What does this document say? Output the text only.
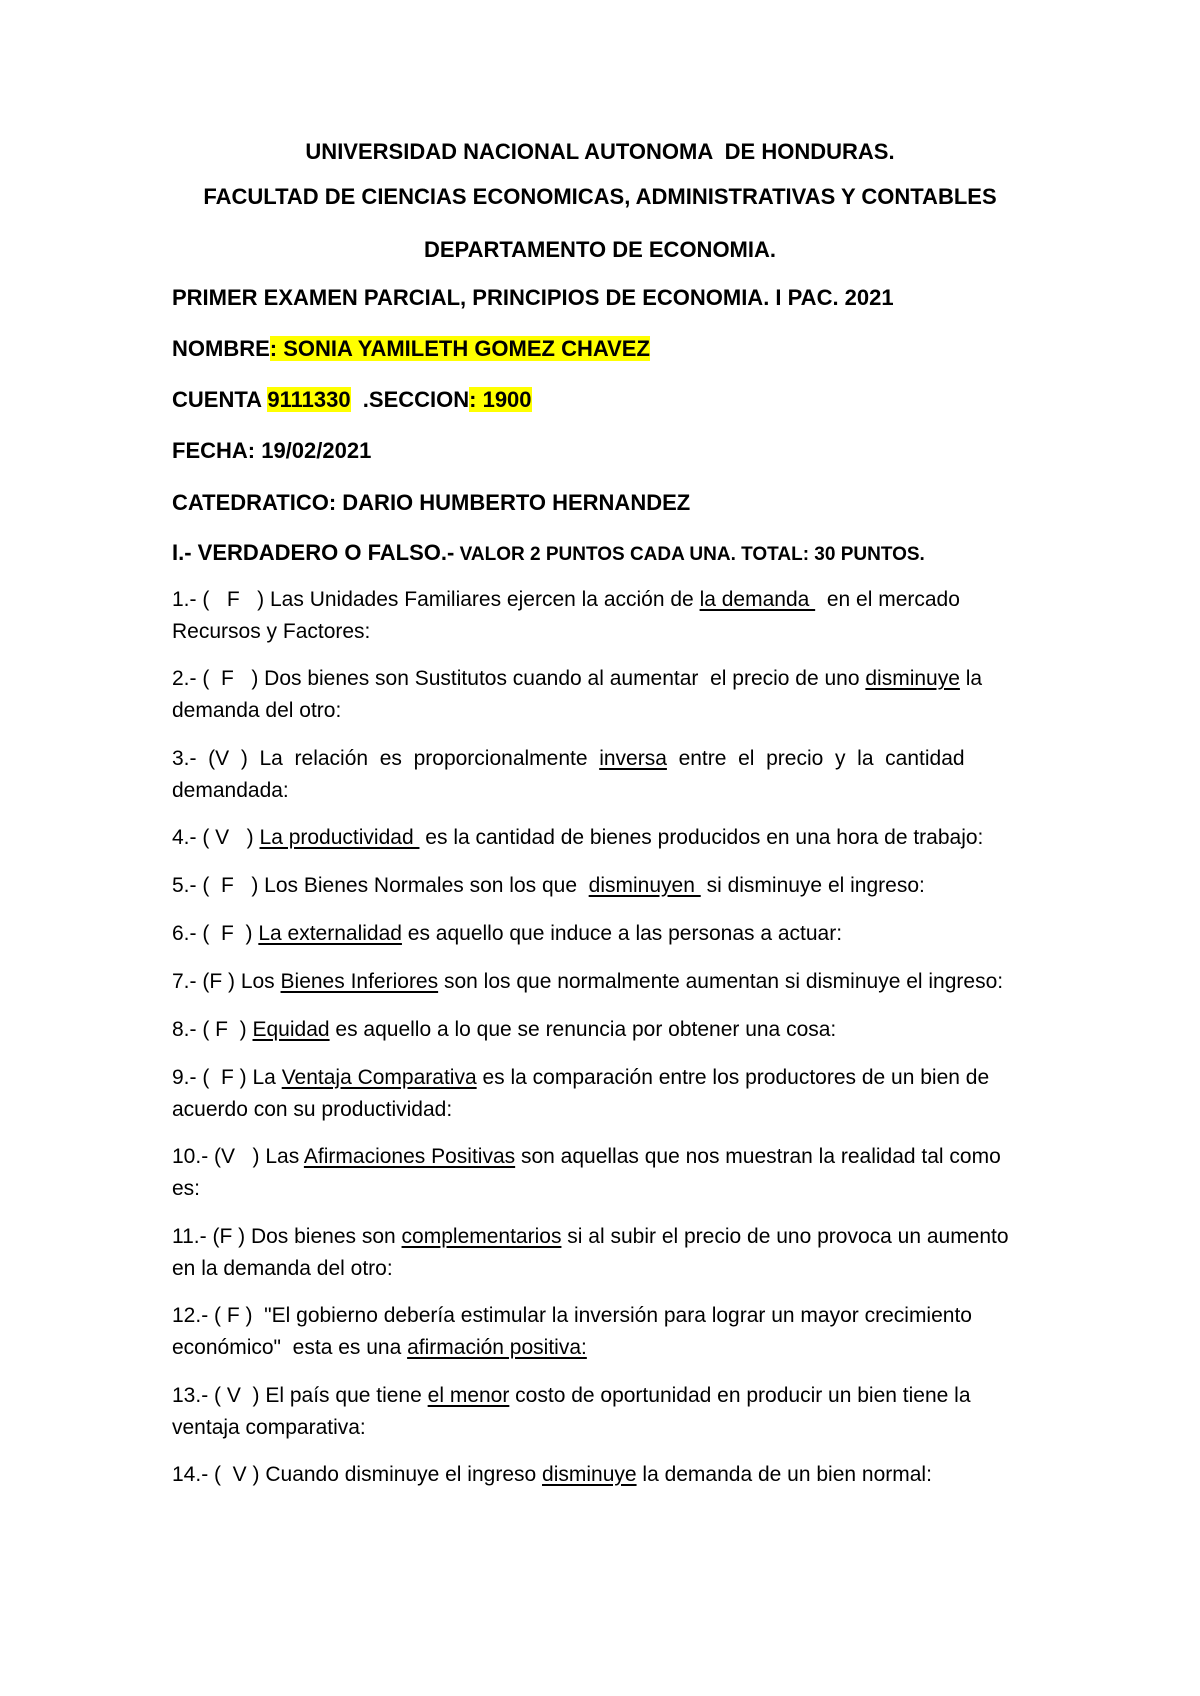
UNIVERSIDAD NACIONAL AUTONOMA  DE HONDURAS.
FACULTAD DE CIENCIAS ECONOMICAS, ADMINISTRATIVAS Y CONTABLES
DEPARTAMENTO DE ECONOMIA.
PRIMER EXAMEN PARCIAL, PRINCIPIOS DE ECONOMIA. I PAC. 2021
NOMBRE: SONIA YAMILETH GOMEZ CHAVEZ
CUENTA 9111330  .SECCION: 1900
FECHA: 19/02/2021
CATEDRATICO: DARIO HUMBERTO HERNANDEZ
I.- VERDADERO O FALSO.- VALOR 2 PUNTOS CADA UNA. TOTAL: 30 PUNTOS.
1.- (   F   ) Las Unidades Familiares ejercen la acción de la demanda   en el mercado
Recursos y Factores:
2.- (  F   ) Dos bienes son Sustitutos cuando al aumentar  el precio de uno disminuye la
demanda del otro:
3.-  (V  )  La  relación  es  proporcionalmente  inversa  entre  el  precio  y  la  cantidad
demandada:
4.- ( V   ) La productividad  es la cantidad de bienes producidos en una hora de trabajo:
5.- (  F   ) Los Bienes Normales son los que  disminuyen  si disminuye el ingreso:
6.- (  F  ) La externalidad es aquello que induce a las personas a actuar:
7.- (F ) Los Bienes Inferiores son los que normalmente aumentan si disminuye el ingreso:
8.- ( F  ) Equidad es aquello a lo que se renuncia por obtener una cosa:
9.- (  F ) La Ventaja Comparativa es la comparación entre los productores de un bien de
acuerdo con su productividad:
10.- (V   ) Las Afirmaciones Positivas son aquellas que nos muestran la realidad tal como
es:
11.- (F ) Dos bienes son complementarios si al subir el precio de uno provoca un aumento
en la demanda del otro:
12.- ( F )  "El gobierno debería estimular la inversión para lograr un mayor crecimiento
económico"  esta es una afirmación positiva:
13.- ( V  ) El país que tiene el menor costo de oportunidad en producir un bien tiene la
ventaja comparativa:
14.- (  V ) Cuando disminuye el ingreso disminuye la demanda de un bien normal:
